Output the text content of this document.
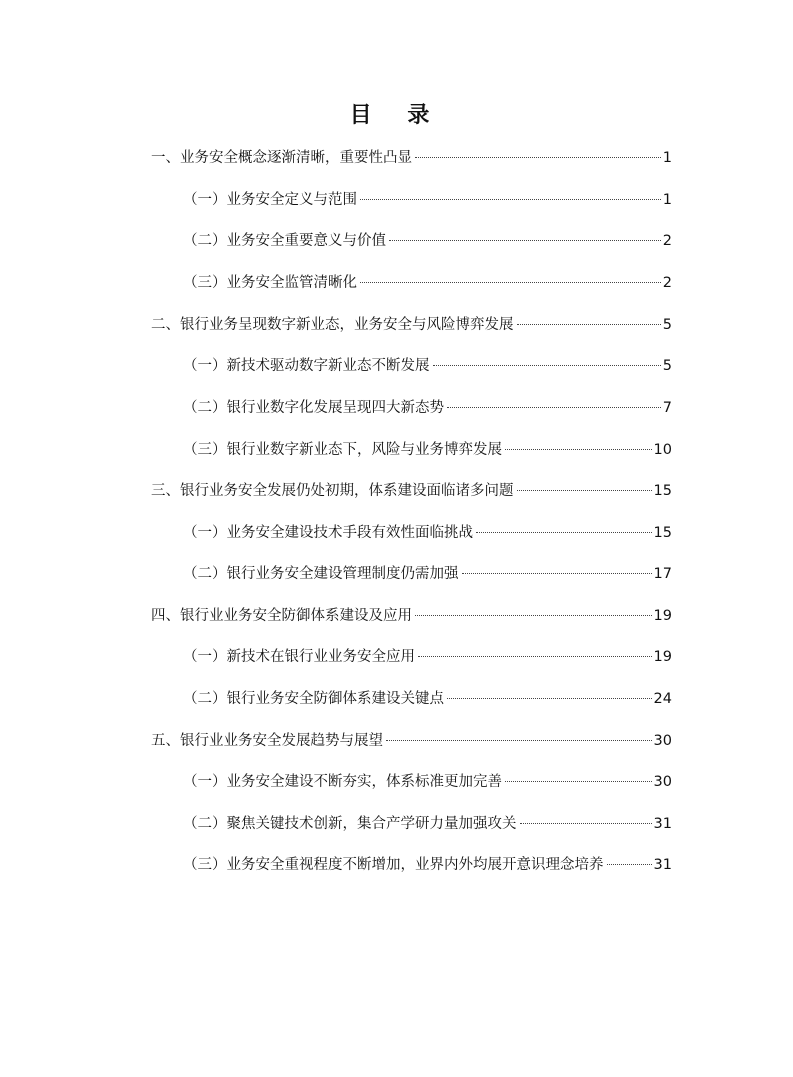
目 录
一、业务安全概念逐渐清晰，重要性凸显	1
（一）业务安全定义与范围	1
（二）业务安全重要意义与价值	2
（三）业务安全监管清晰化	2
二、银行业务呈现数字新业态，业务安全与风险博弈发展	5
（一）新技术驱动数字新业态不断发展	5
（二）银行业数字化发展呈现四大新态势	7
（三）银行业数字新业态下，风险与业务博弈发展	10
三、银行业务安全发展仍处初期，体系建设面临诸多问题	15
（一）业务安全建设技术手段有效性面临挑战	15
（二）银行业务安全建设管理制度仍需加强	17
四、银行业业务安全防御体系建设及应用	19
（一）新技术在银行业业务安全应用	19
（二）银行业务安全防御体系建设关键点	24
五、银行业业务安全发展趋势与展望	30
（一）业务安全建设不断夯实，体系标准更加完善	30
（二）聚焦关键技术创新，集合产学研力量加强攻关	31
（三）业务安全重视程度不断增加，业界内外均展开意识理念培养	31
